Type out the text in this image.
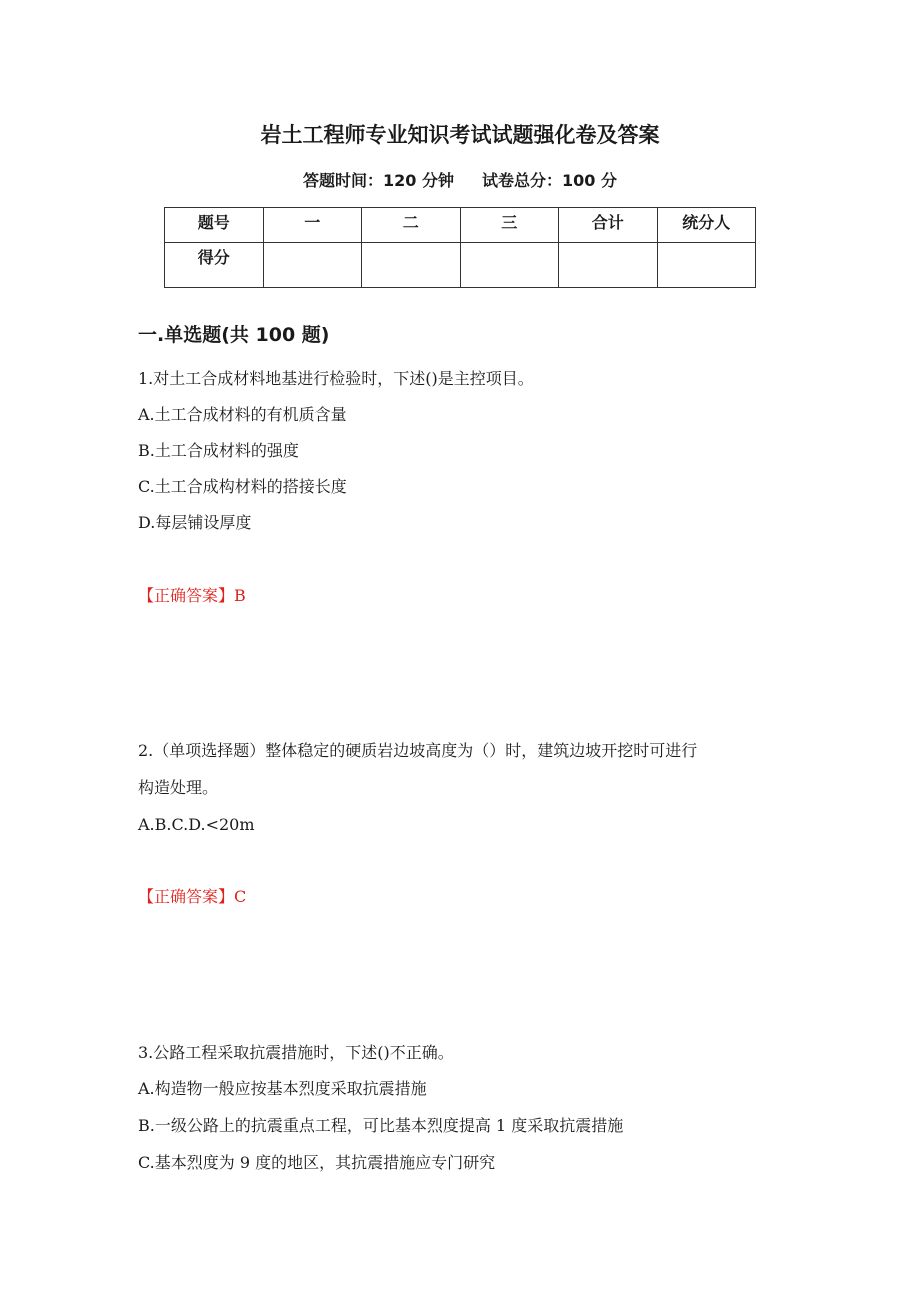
岩土工程师专业知识考试试题强化卷及答案
答题时间：120 分钟 试卷总分：100 分
题号	一	二	三	合计	统分人
得分					
一.单选题(共 100 题)
1.对土工合成材料地基进行检验时，下述()是主控项目。
A.土工合成材料的有机质含量
B.土工合成材料的强度
C.土工合成构材料的搭接长度
D.每层铺设厚度
【正确答案】B
2.（单项选择题）整体稳定的硬质岩边坡高度为（）时，建筑边坡开挖时可进行
构造处理。
A.B.C.D.<20m
【正确答案】C
3.公路工程采取抗震措施时，下述()不正确。
A.构造物一般应按基本烈度采取抗震措施
B.一级公路上的抗震重点工程，可比基本烈度提高 1 度采取抗震措施
C.基本烈度为 9 度的地区，其抗震措施应专门研究
